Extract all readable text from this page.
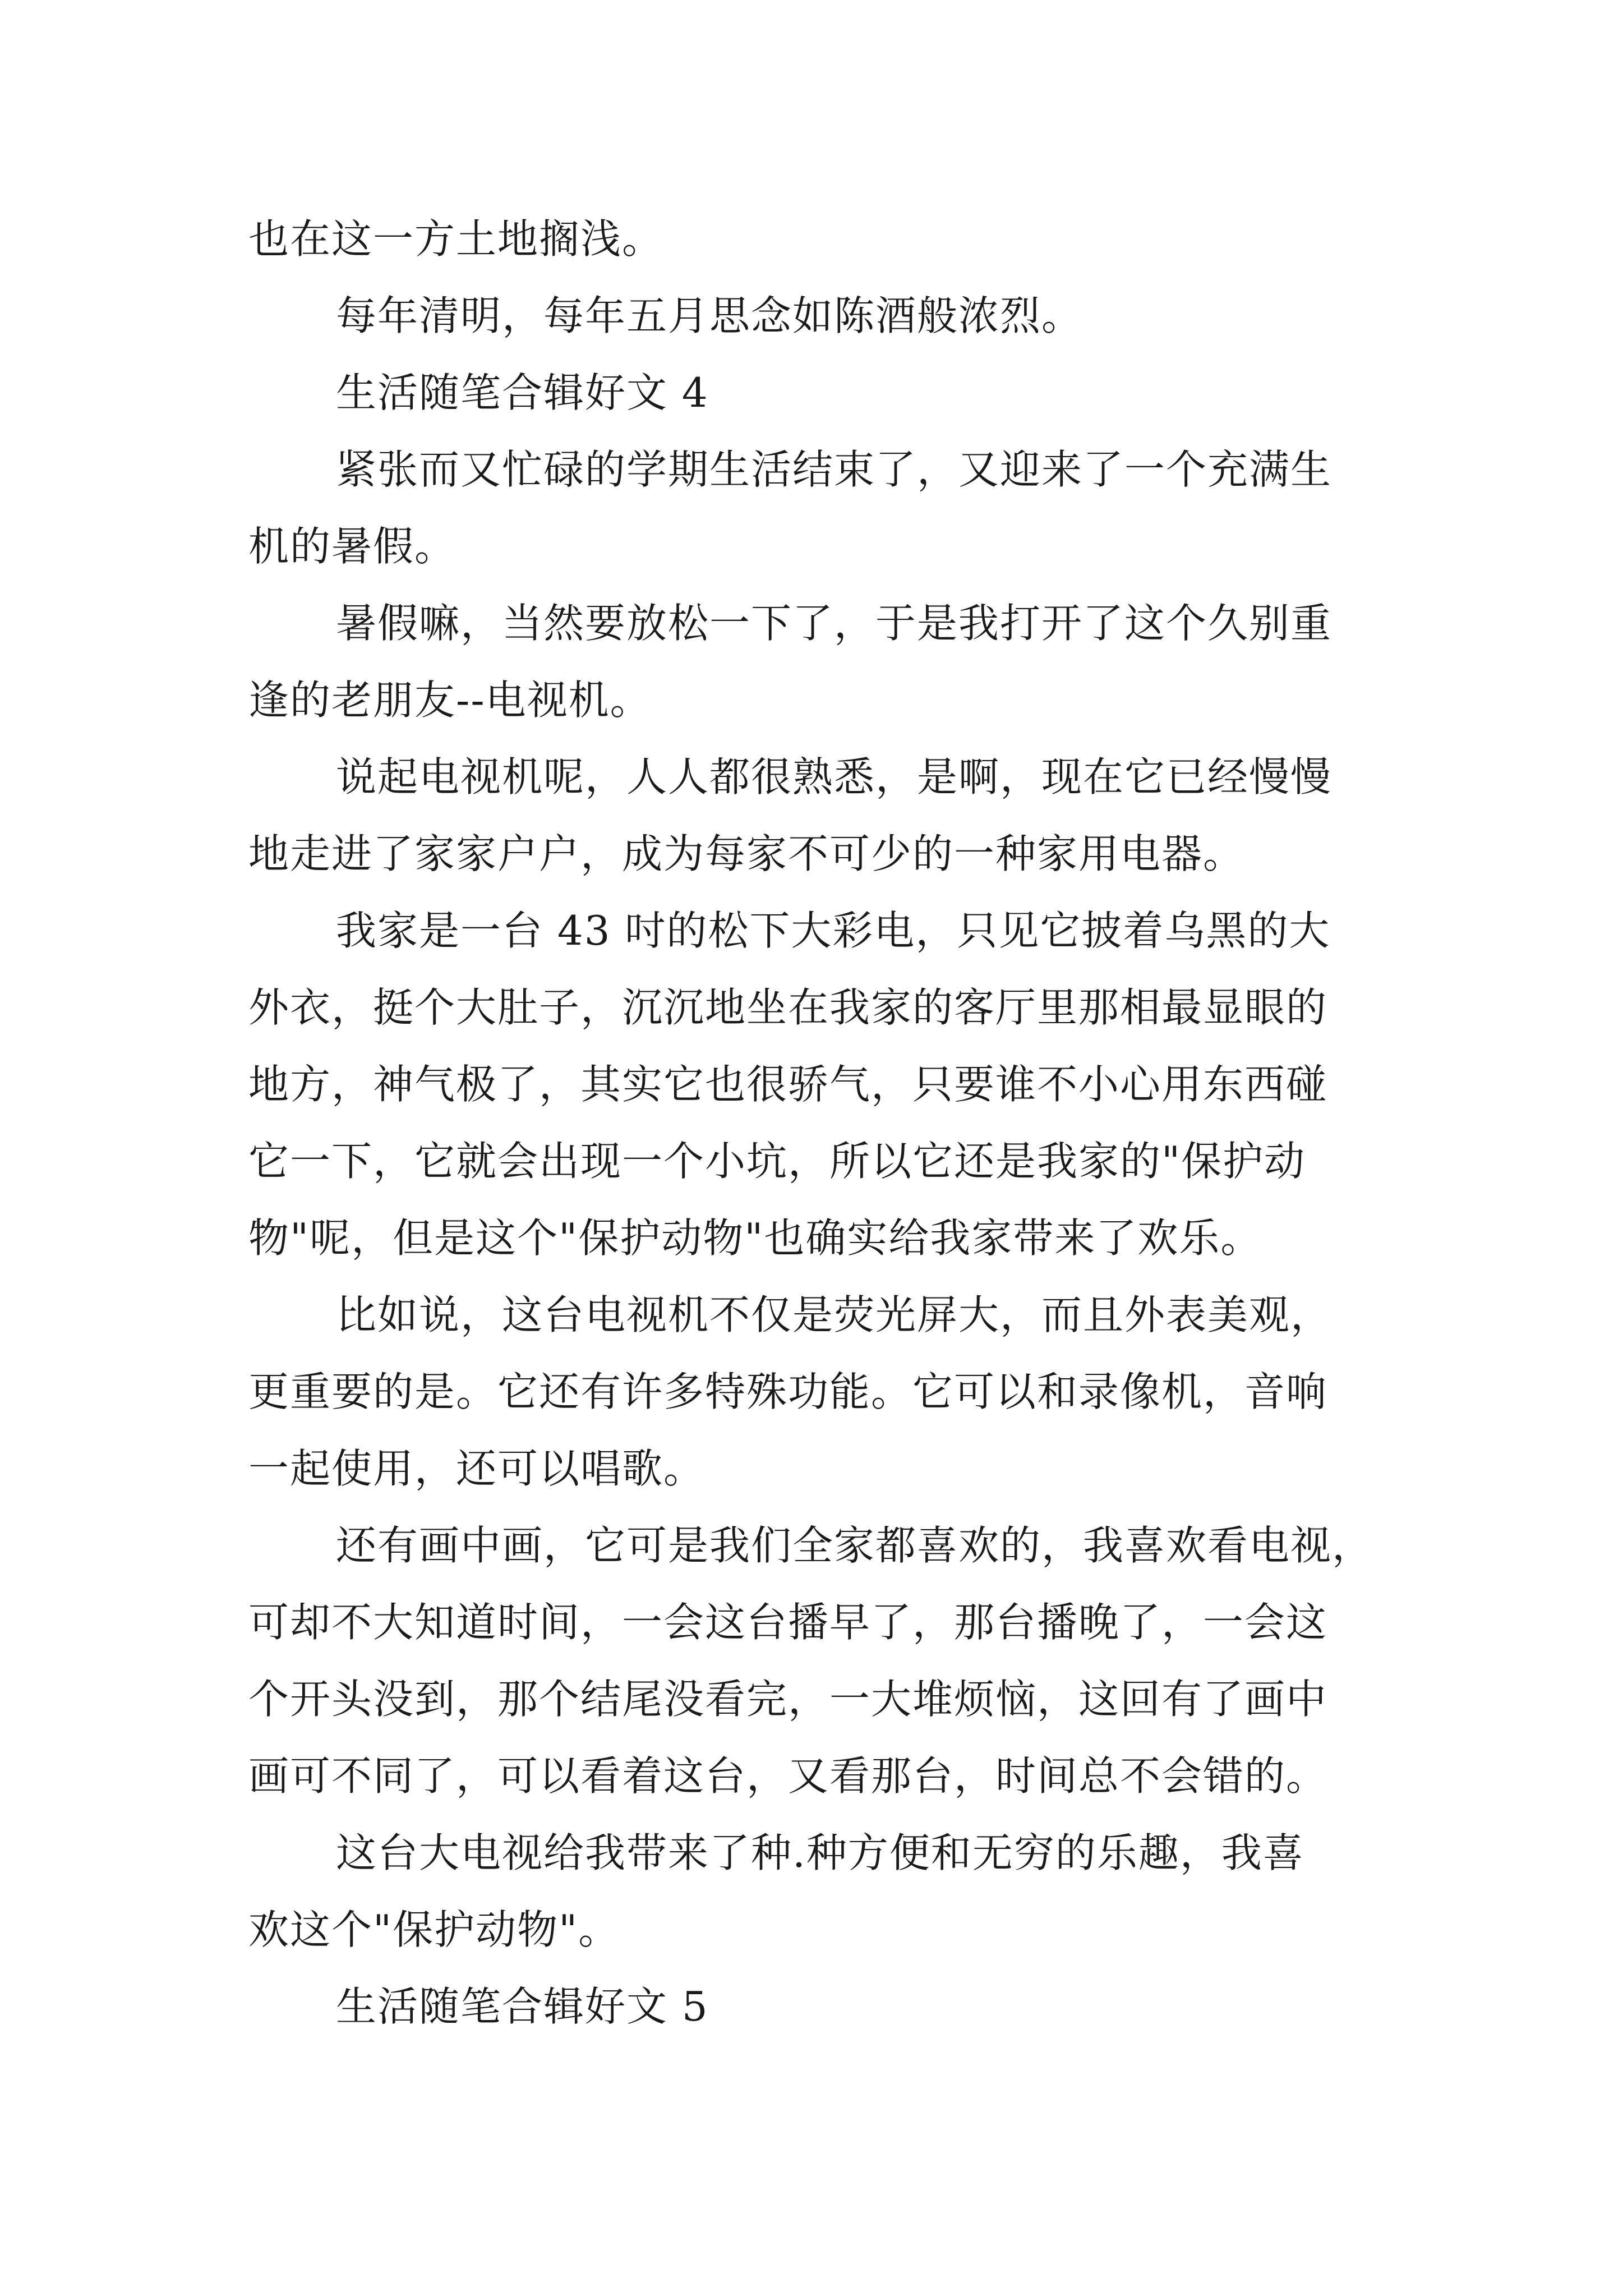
也在这一方土地搁浅。

每年清明，每年五月思念如陈酒般浓烈。

生活随笔合辑好文 4

紧张而又忙碌的学期生活结束了，又迎来了一个充满生
机的暑假。

暑假嘛，当然要放松一下了，于是我打开了这个久别重
逢的老朋友--电视机。

说起电视机呢，人人都很熟悉，是啊，现在它已经慢慢
地走进了家家户户，成为每家不可少的一种家用电器。

我家是一台 43 吋的松下大彩电，只见它披着乌黑的大
外衣，挺个大肚子，沉沉地坐在我家的客厅里那相最显眼的
地方，神气极了，其实它也很骄气，只要谁不小心用东西碰
它一下，它就会出现一个小坑，所以它还是我家的"保护动
物"呢，但是这个"保护动物"也确实给我家带来了欢乐。

比如说，这台电视机不仅是荧光屏大，而且外表美观，
更重要的是。它还有许多特殊功能。它可以和录像机，音响
一起使用，还可以唱歌。

还有画中画，它可是我们全家都喜欢的，我喜欢看电视，
可却不大知道时间，一会这台播早了，那台播晚了，一会这
个开头没到，那个结尾没看完，一大堆烦恼，这回有了画中
画可不同了，可以看着这台，又看那台，时间总不会错的。

这台大电视给我带来了种.种方便和无穷的乐趣，我喜
欢这个"保护动物"。

生活随笔合辑好文 5
